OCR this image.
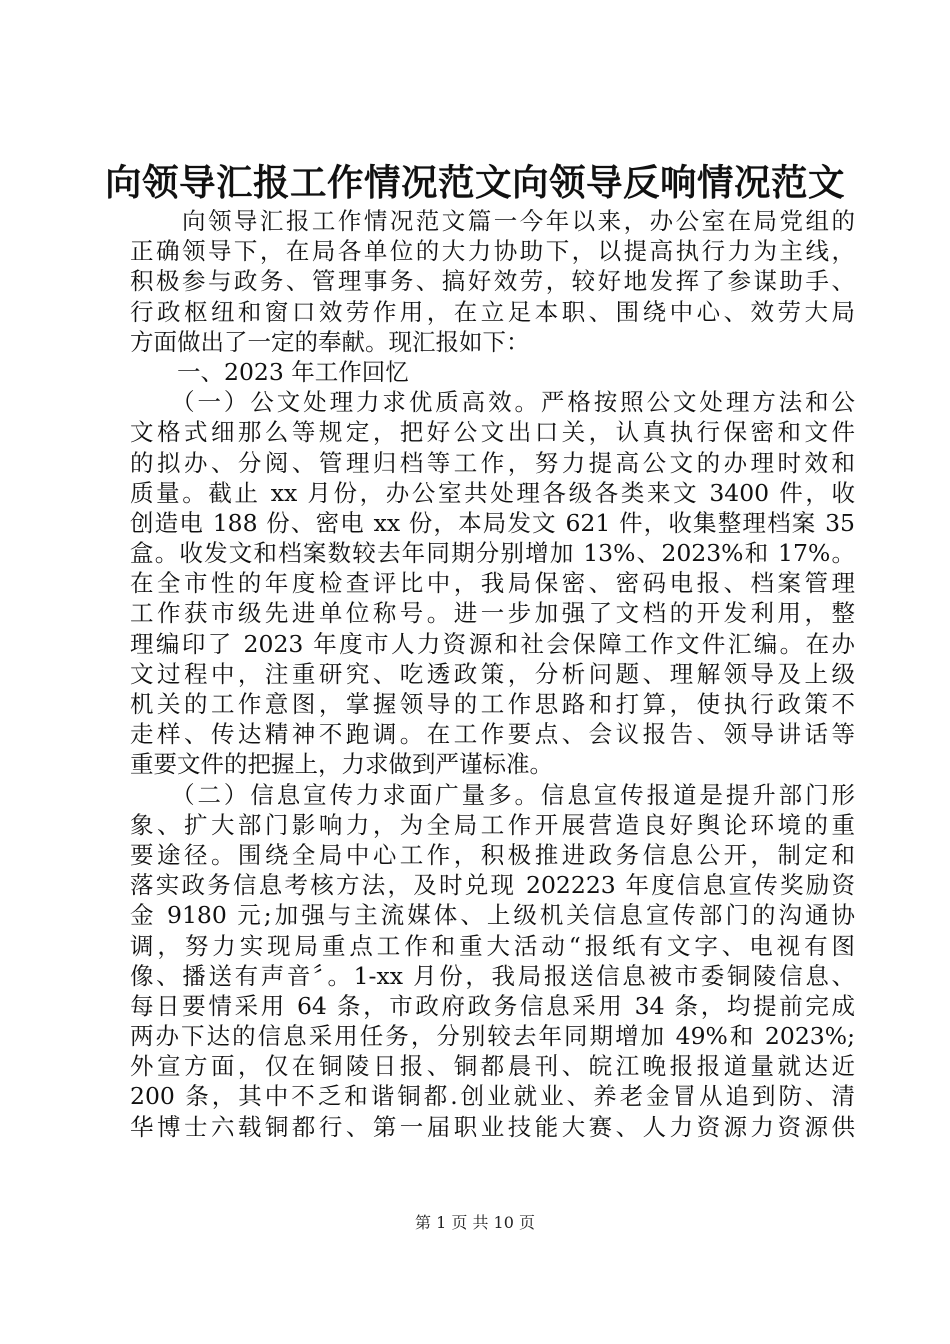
向领导汇报工作情况范文向领导反响情况范文
　　向领导汇报工作情况范文篇一今年以来，办公室在局党组的
正确领导下，在局各单位的大力协助下，以提高执行力为主线，
积极参与政务、管理事务、搞好效劳，较好地发挥了参谋助手、
行政枢纽和窗口效劳作用，在立足本职、围绕中心、效劳大局
方面做出了一定的奉献。现汇报如下：
　　一、2023 年工作回忆
　　（一）公文处理力求优质高效。严格按照公文处理方法和公
文格式细那么等规定，把好公文出口关，认真执行保密和文件
的拟办、分阅、管理归档等工作，努力提高公文的办理时效和
质量。截止 xx 月份，办公室共处理各级各类来文 3400 件，收
创造电 188 份、密电 xx 份，本局发文 621 件，收集整理档案 35
盒。收发文和档案数较去年同期分别增加 13%、2023%和 17%。
在全市性的年度检查评比中，我局保密、密码电报、档案管理
工作获市级先进单位称号。进一步加强了文档的开发利用，整
理编印了 2023 年度市人力资源和社会保障工作文件汇编。在办
文过程中，注重研究、吃透政策，分析问题、理解领导及上级
机关的工作意图，掌握领导的工作思路和打算，使执行政策不
走样、传达精神不跑调。在工作要点、会议报告、领导讲话等
重要文件的把握上，力求做到严谨标准。
　　（二）信息宣传力求面广量多。信息宣传报道是提升部门形
象、扩大部门影响力，为全局工作开展营造良好舆论环境的重
要途径。围绕全局中心工作，积极推进政务信息公开，制定和
落实政务信息考核方法，及时兑现 202223 年度信息宣传奖励资
金 9180 元;加强与主流媒体、上级机关信息宣传部门的沟通协
调，努力实现局重点工作和重大活动“报纸有文字、电视有图
像、播送有声音〞。1-xx 月份，我局报送信息被市委铜陵信息、
每日要情采用 64 条，市政府政务信息采用 34 条，均提前完成
两办下达的信息采用任务，分别较去年同期增加 49%和 2023%;
外宣方面，仅在铜陵日报、铜都晨刊、皖江晚报报道量就达近
200 条，其中不乏和谐铜都.创业就业、养老金冒从追到防、清
华博士六载铜都行、第一届职业技能大赛、人力资源力资源供
第 1 页 共 10 页
